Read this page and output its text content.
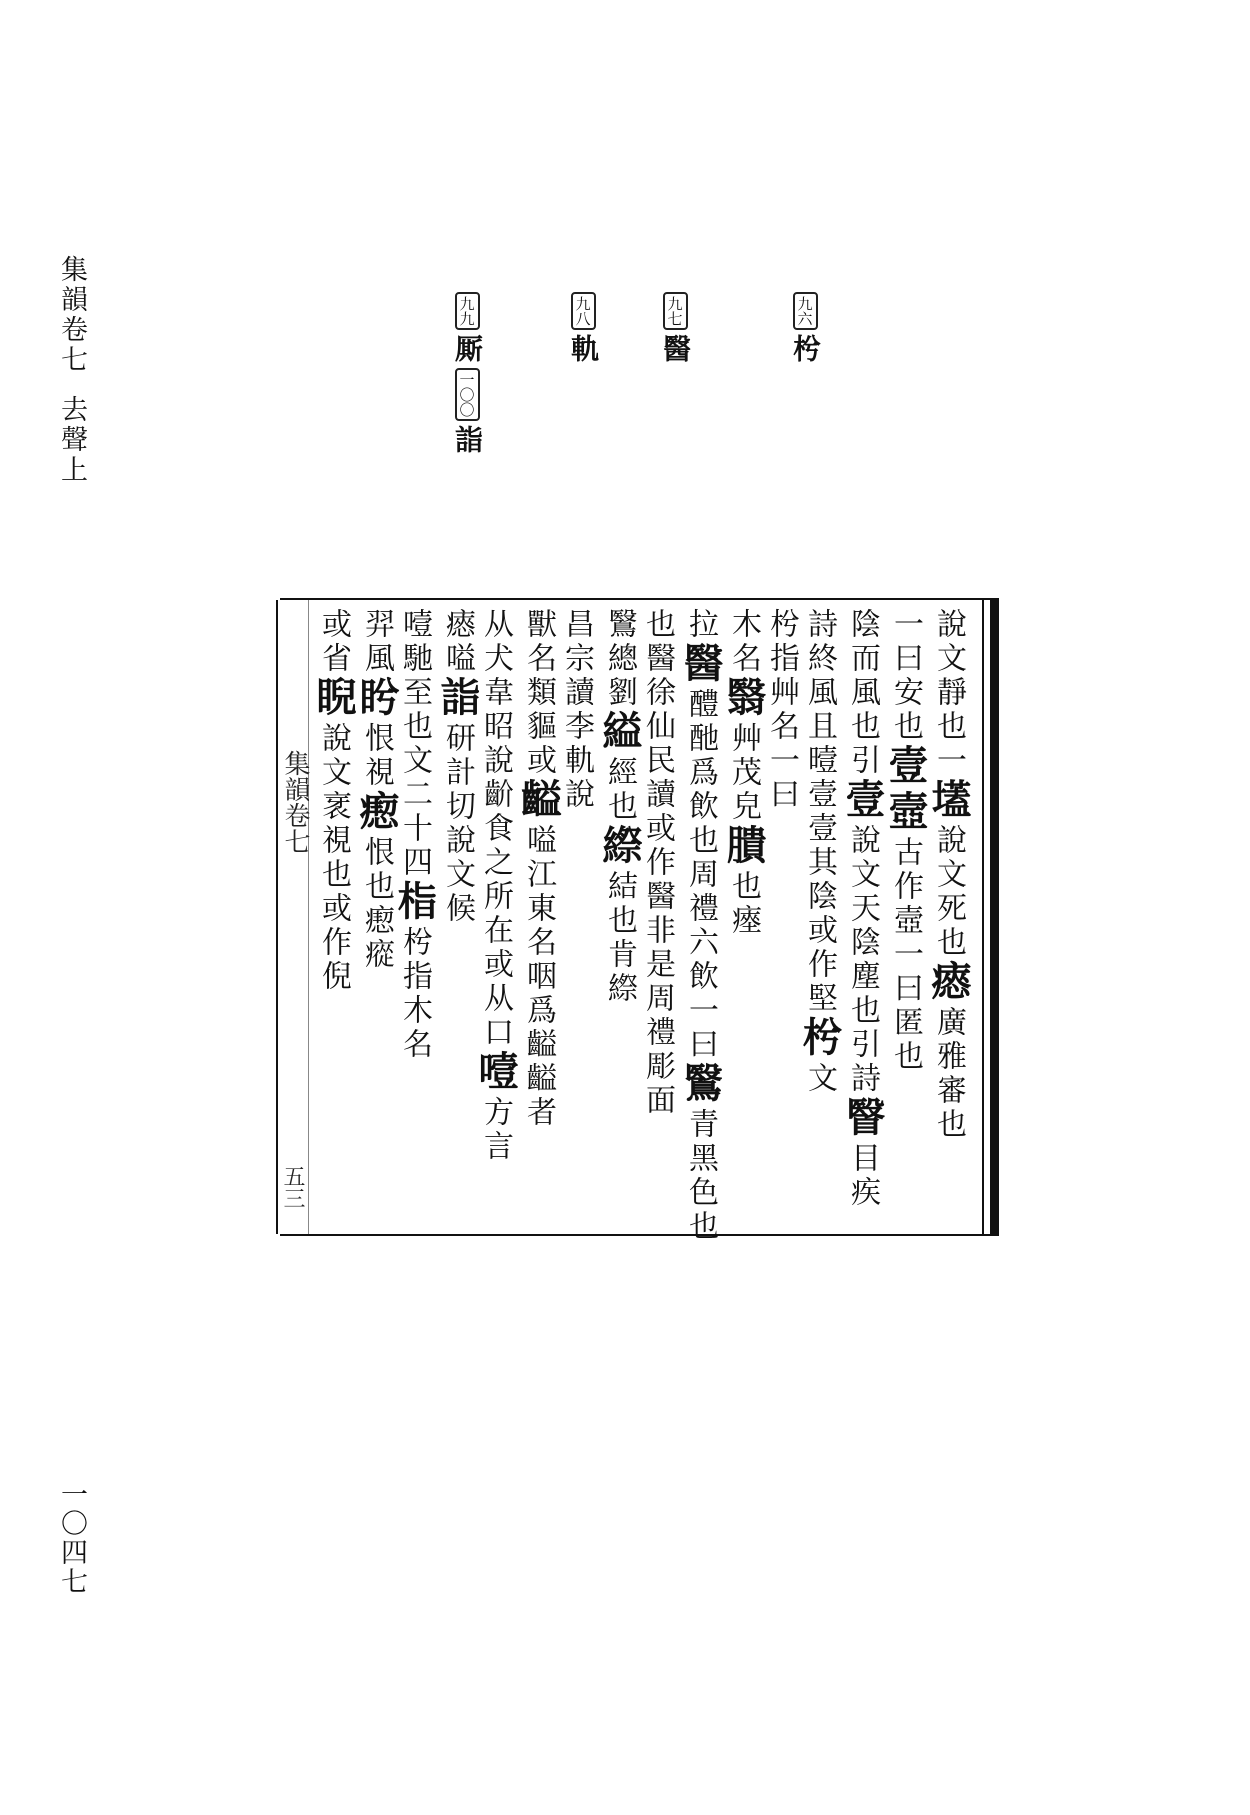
集韻卷七去聲上
一〇四七
九六
枍
九七
醫
九八
軌
九九
厮
一〇〇
詣
集韻卷七
五三
說文靜也一壒說文死也瘱廣雅審也
一曰安也壹壼古作壼一曰匿也
陰而風也引壹說文天陰塵也引詩瞖目疾
詩終風且曀壹壹其陰或作堅枍文
枍指艸名一曰
木名翳艸茂皃膭也瘞
拉醫醴酏爲飲也周禮六飲一曰鷖青黑色也
也醫徐仙民讀或作醫非是周禮彫面
鷖總劉縊經也縩結也肯縩
昌宗讀李軌說
獸名類貙或齸嗌江東名咽爲齸齸者
从犬韋昭說齘食之所在或从口噎方言
瘱嗌詣研計切說文候
噎馳至也文二十四栺枍指木名
羿風盻恨視瘛恨也瘛瘲
或省睨說文衺視也或作倪
